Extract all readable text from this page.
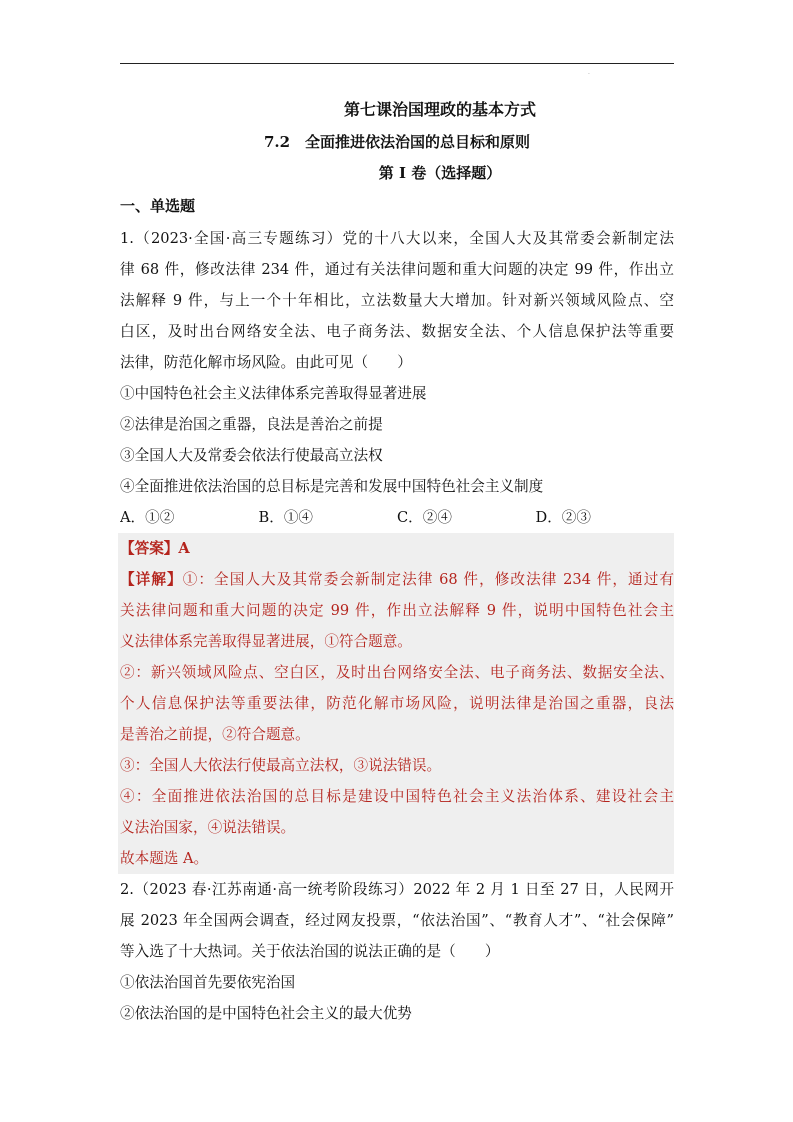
·
第七课治国理政的基本方式
7.2　全面推进依法治国的总目标和原则
第 I 卷（选择题）
一、单选题
1.（2023·全国·高三专题练习）党的十八大以来，全国人大及其常委会新制定法
律 68 件，修改法律 234 件，通过有关法律问题和重大问题的决定 99 件，作出立
法解释 9 件，与上一个十年相比，立法数量大大增加。针对新兴领域风险点、空
白区，及时出台网络安全法、电子商务法、数据安全法、个人信息保护法等重要
法律，防范化解市场风险。由此可见（　　）
①中国特色社会主义法律体系完善取得显著进展
②法律是治国之重器，良法是善治之前提
③全国人大及常委会依法行使最高立法权
④全面推进依法治国的总目标是完善和发展中国特色社会主义制度
A．①②	B．①④	C．②④	D．②③
【答案】A
【详解】①：全国人大及其常委会新制定法律 68 件，修改法律 234 件，通过有
关法律问题和重大问题的决定 99 件，作出立法解释 9 件，说明中国特色社会主
义法律体系完善取得显著进展，①符合题意。
②：新兴领域风险点、空白区，及时出台网络安全法、电子商务法、数据安全法、
个人信息保护法等重要法律，防范化解市场风险，说明法律是治国之重器，良法
是善治之前提，②符合题意。
③：全国人大依法行使最高立法权，③说法错误。
④：全面推进依法治国的总目标是建设中国特色社会主义法治体系、建设社会主
义法治国家，④说法错误。
故本题选 A。
2.（2023 春·江苏南通·高一统考阶段练习）2022 年 2 月 1 日至 27 日，人民网开
展 2023 年全国两会调查，经过网友投票，“依法治国”、“教育人才”、“社会保障”
等入选了十大热词。关于依法治国的说法正确的是（　　）
①依法治国首先要依宪治国
②依法治国的是中国特色社会主义的最大优势
